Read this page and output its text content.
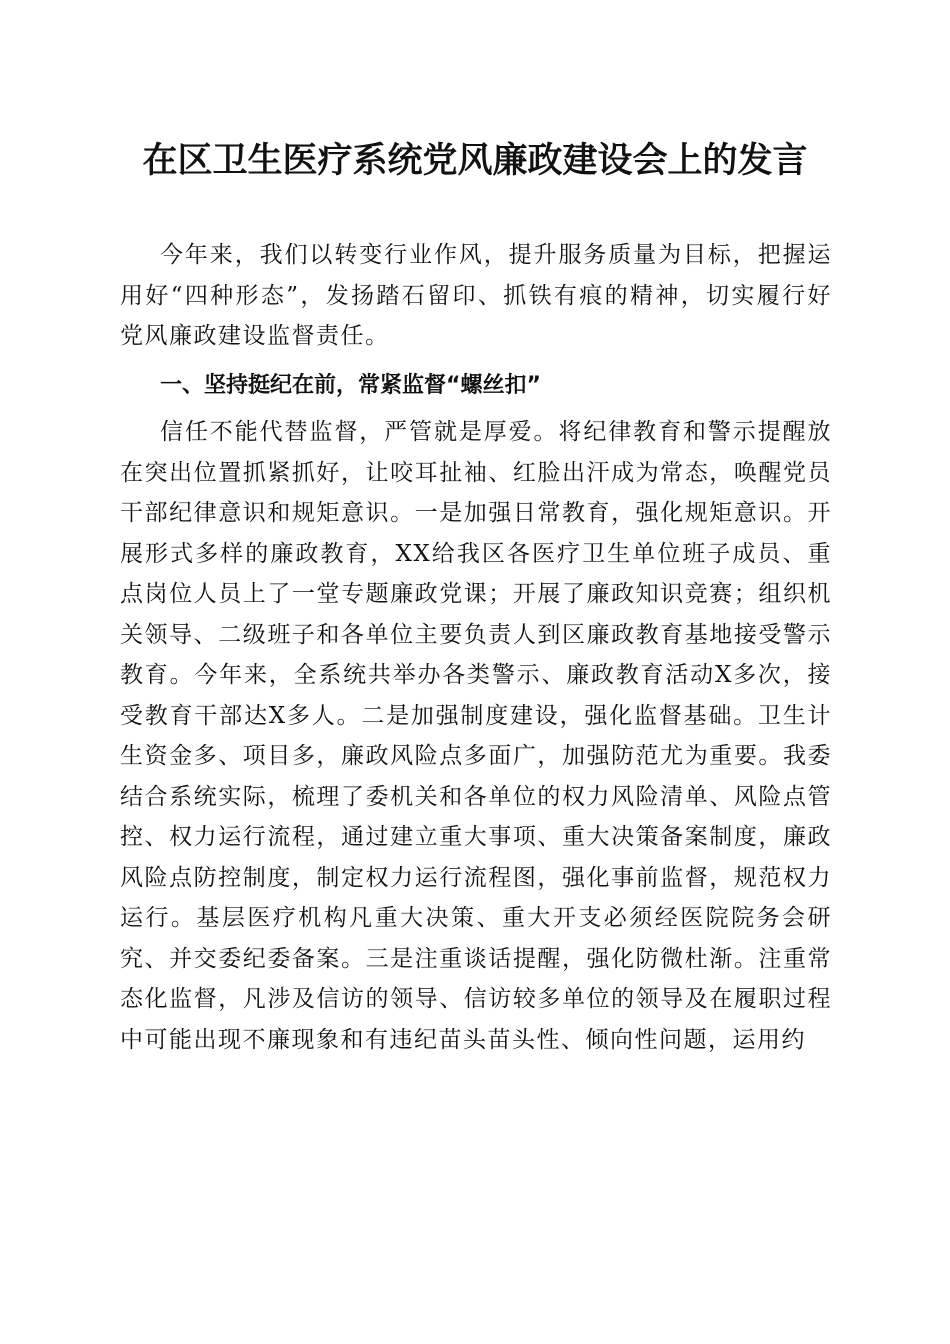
在区卫生医疗系统党风廉政建设会上的发言

今年来，我们以转变行业作风，提升服务质量为目标，把握运用好“四种形态”，发扬踏石留印、抓铁有痕的精神，切实履行好党风廉政建设监督责任。

一、坚持挺纪在前，常紧监督“螺丝扣”

信任不能代替监督，严管就是厚爱。将纪律教育和警示提醒放在突出位置抓紧抓好，让咬耳扯袖、红脸出汗成为常态，唤醒党员干部纪律意识和规矩意识。一是加强日常教育，强化规矩意识。开展形式多样的廉政教育，XX给我区各医疗卫生单位班子成员、重点岗位人员上了一堂专题廉政党课；开展了廉政知识竞赛；组织机关领导、二级班子和各单位主要负责人到区廉政教育基地接受警示教育。今年来，全系统共举办各类警示、廉政教育活动X多次，接受教育干部达X多人。二是加强制度建设，强化监督基础。卫生计生资金多、项目多，廉政风险点多面广，加强防范尤为重要。我委结合系统实际，梳理了委机关和各单位的权力风险清单、风险点管控、权力运行流程，通过建立重大事项、重大决策备案制度，廉政风险点防控制度，制定权力运行流程图，强化事前监督，规范权力运行。基层医疗机构凡重大决策、重大开支必须经医院院务会研究、并交委纪委备案。三是注重谈话提醒，强化防微杜渐。注重常态化监督，凡涉及信访的领导、信访较多单位的领导及在履职过程中可能出现不廉现象和有违纪苗头苗头性、倾向性问题，运用约
